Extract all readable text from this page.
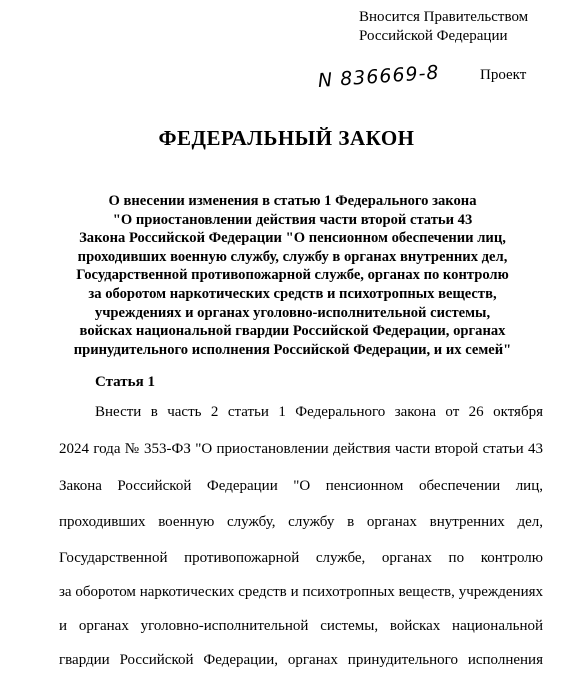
Вносится Правительством
Российской Федерации
N 836669-8	Проект
ФЕДЕРАЛЬНЫЙ ЗАКОН
О внесении изменения в статью 1 Федерального закона
"О приостановлении действия части второй статьи 43
Закона Российской Федерации "О пенсионном обеспечении лиц,
проходивших военную службу, службу в органах внутренних дел,
Государственной противопожарной службе, органах по контролю
за оборотом наркотических средств и психотропных веществ,
учреждениях и органах уголовно-исполнительной системы,
войсках национальной гвардии Российской Федерации, органах
принудительного исполнения Российской Федерации, и их семей"
Статья 1
Внести в часть 2 статьи 1 Федерального закона от 26 октября
2024 года № 353-ФЗ "О приостановлении действия части второй статьи 43
Закона Российской Федерации "О пенсионном обеспечении лиц,
проходивших военную службу, службу в органах внутренних дел,
Государственной противопожарной службе, органах по контролю
за оборотом наркотических средств и психотропных веществ, учреждениях
и органах уголовно-исполнительной системы, войсках национальной
гвардии Российской Федерации, органах принудительного исполнения
